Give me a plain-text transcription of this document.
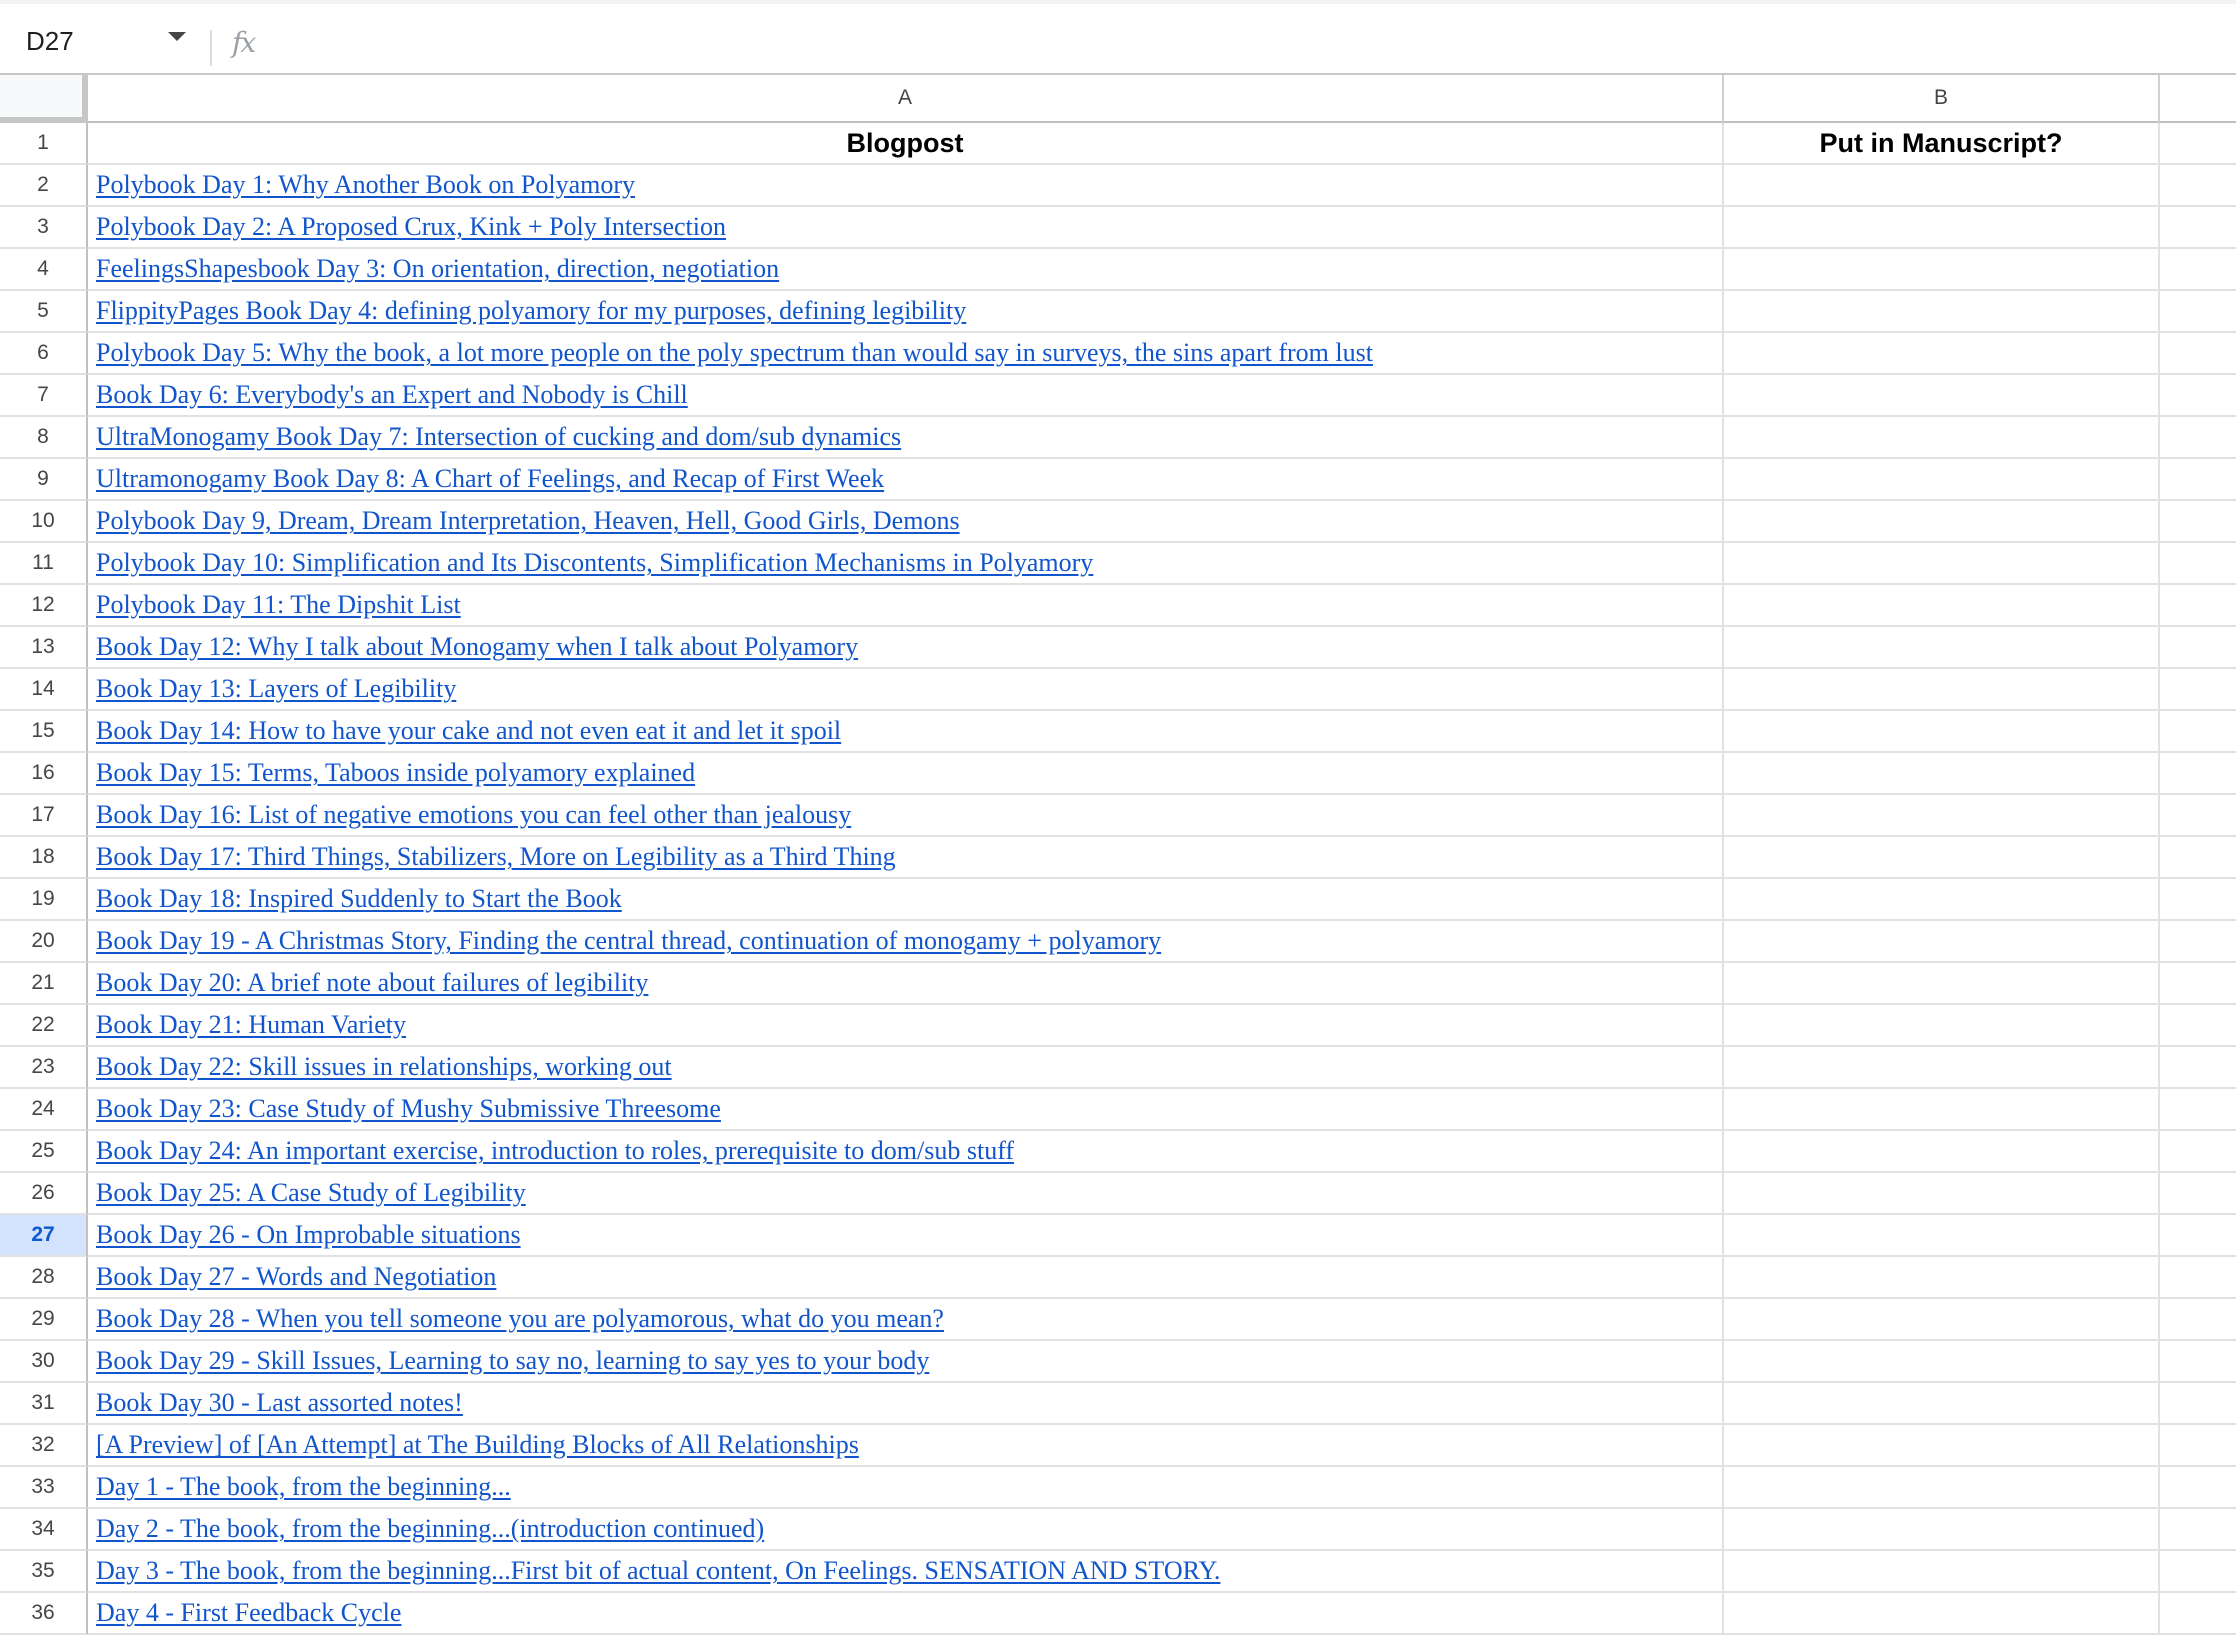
D27	fx
A	B
1	Blogpost	Put in Manuscript?
2	Polybook Day 1: Why Another Book on Polyamory
3	Polybook Day 2: A Proposed Crux, Kink + Poly Intersection
4	FeelingsShapesbook Day 3: On orientation, direction, negotiation
5	FlippityPages Book Day 4: defining polyamory for my purposes, defining legibility
6	Polybook Day 5: Why the book, a lot more people on the poly spectrum than would say in surveys, the sins apart from lust
7	Book Day 6: Everybody's an Expert and Nobody is Chill
8	UltraMonogamy Book Day 7: Intersection of cucking and dom/sub dynamics
9	Ultramonogamy Book Day 8: A Chart of Feelings, and Recap of First Week
10	Polybook Day 9, Dream, Dream Interpretation, Heaven, Hell, Good Girls, Demons
11	Polybook Day 10: Simplification and Its Discontents, Simplification Mechanisms in Polyamory
12	Polybook Day 11: The Dipshit List
13	Book Day 12: Why I talk about Monogamy when I talk about Polyamory
14	Book Day 13: Layers of Legibility
15	Book Day 14: How to have your cake and not even eat it and let it spoil
16	Book Day 15: Terms, Taboos inside polyamory explained
17	Book Day 16: List of negative emotions you can feel other than jealousy
18	Book Day 17: Third Things, Stabilizers, More on Legibility as a Third Thing
19	Book Day 18: Inspired Suddenly to Start the Book
20	Book Day 19 - A Christmas Story, Finding the central thread, continuation of monogamy + polyamory
21	Book Day 20: A brief note about failures of legibility
22	Book Day 21: Human Variety
23	Book Day 22: Skill issues in relationships, working out
24	Book Day 23: Case Study of Mushy Submissive Threesome
25	Book Day 24: An important exercise, introduction to roles, prerequisite to dom/sub stuff
26	Book Day 25: A Case Study of Legibility
27	Book Day 26 - On Improbable situations
28	Book Day 27 - Words and Negotiation
29	Book Day 28 - When you tell someone you are polyamorous, what do you mean?
30	Book Day 29 - Skill Issues, Learning to say no, learning to say yes to your body
31	Book Day 30 - Last assorted notes!
32	[A Preview] of [An Attempt] at The Building Blocks of All Relationships
33	Day 1 - The book, from the beginning...
34	Day 2 - The book, from the beginning...(introduction continued)
35	Day 3 - The book, from the beginning...First bit of actual content, On Feelings. SENSATION AND STORY.
36	Day 4 - First Feedback Cycle
